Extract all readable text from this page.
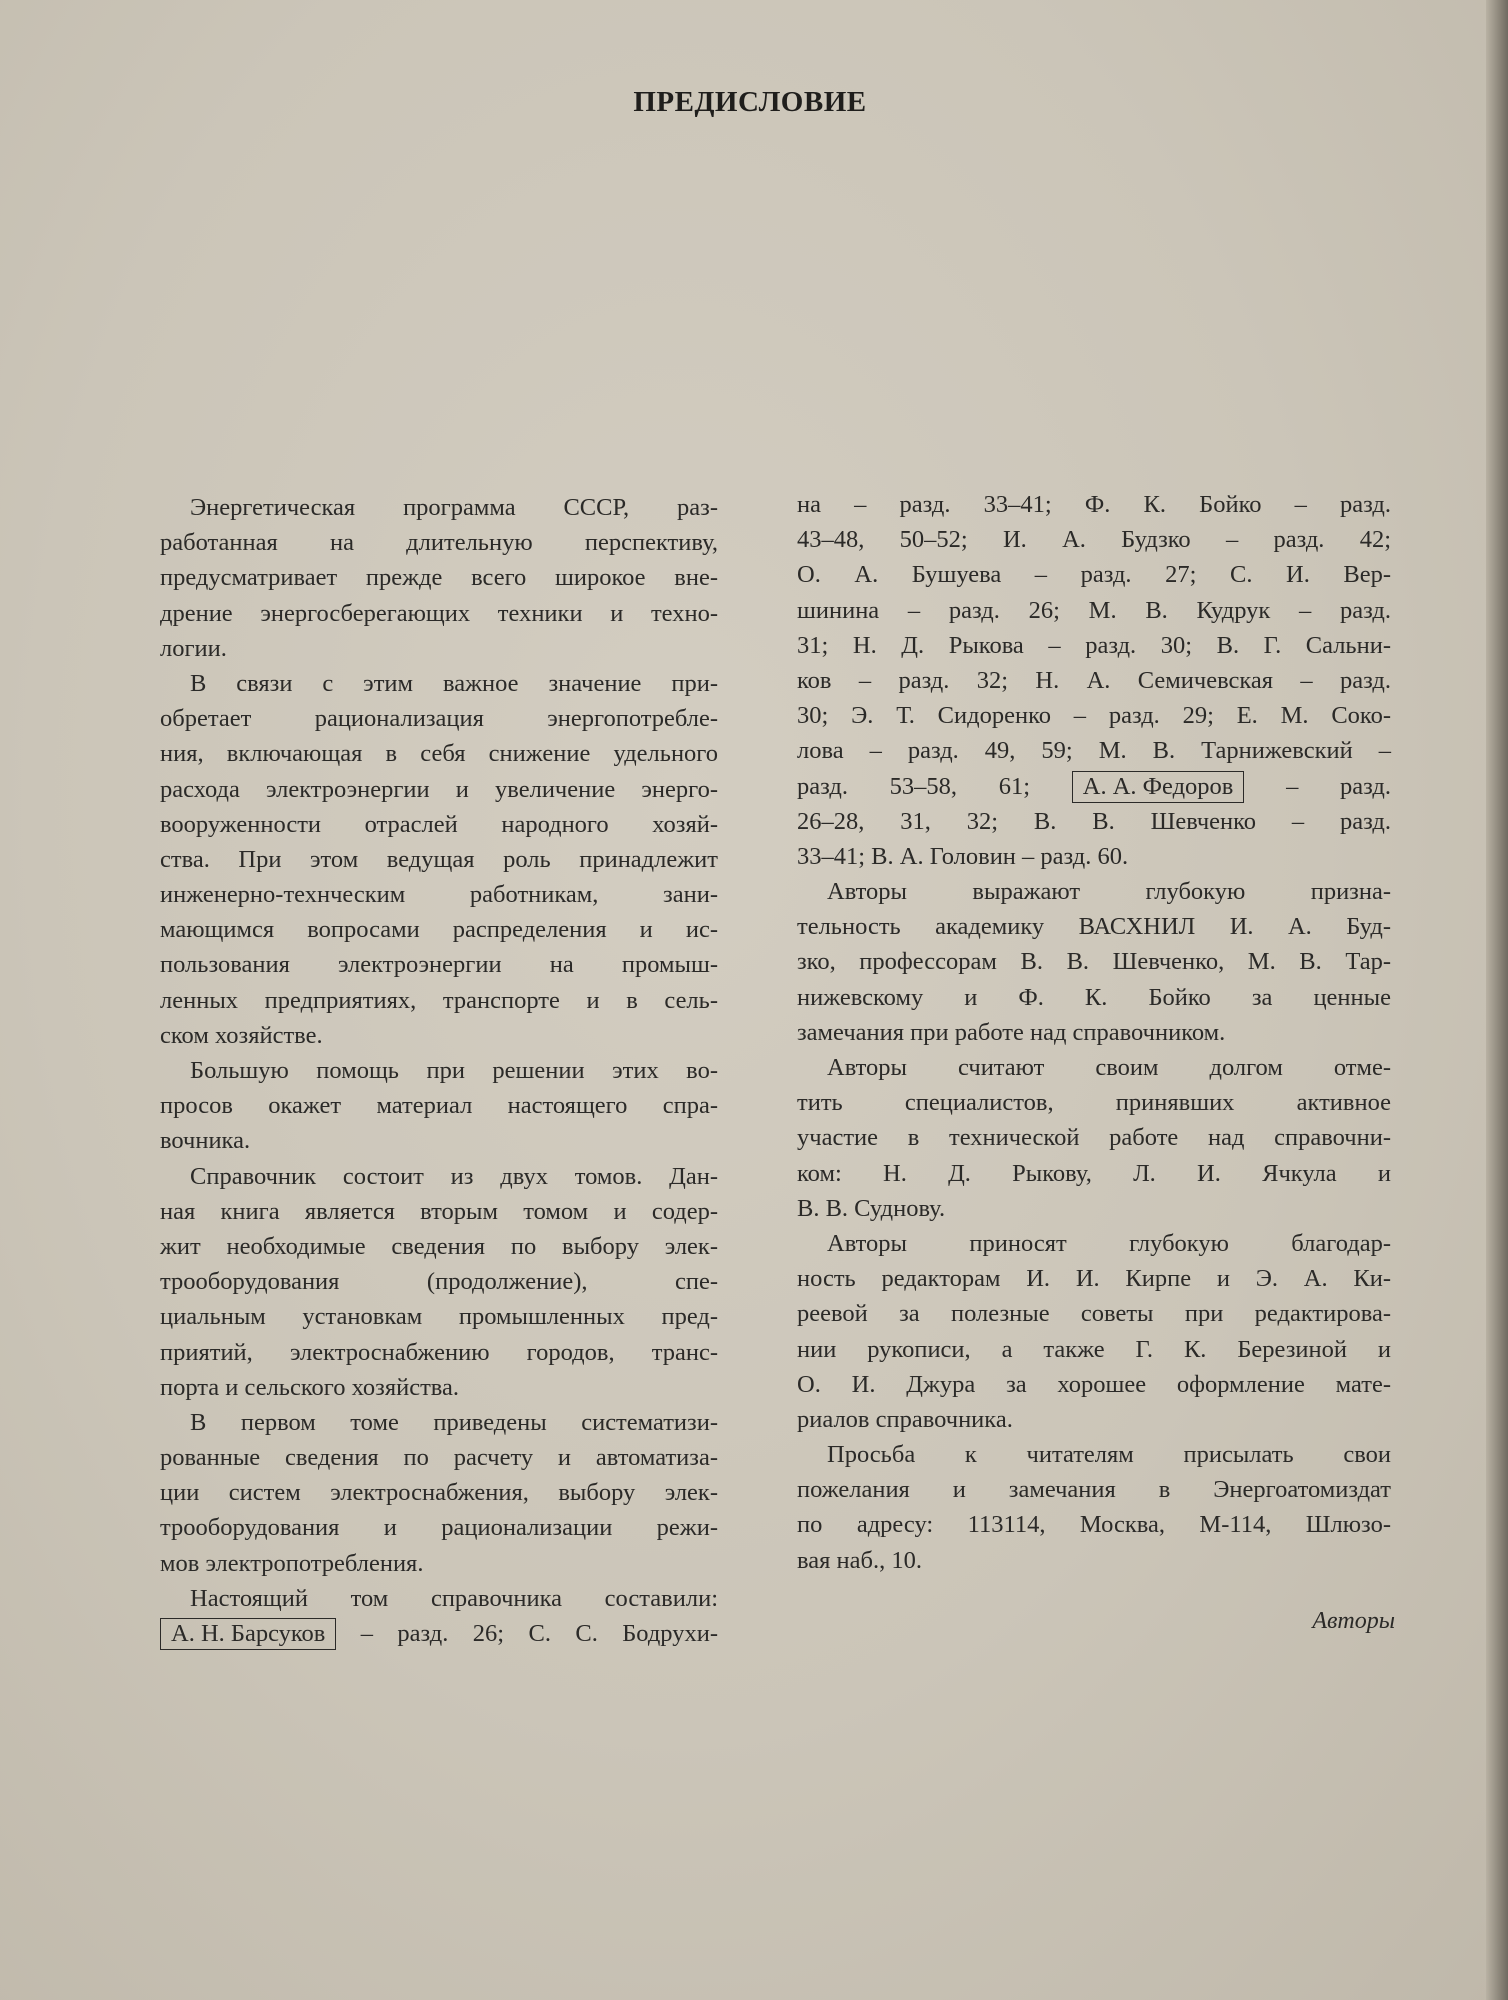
ПРЕДИСЛОВИЕ
Энергетическая программа СССР, раз-
работанная на длительную перспективу,
предусматривает прежде всего широкое вне-
дрение энергосберегающих техники и техно-
логии.
В связи с этим важное значение при-
обретает рационализация энергопотребле-
ния, включающая в себя снижение удельного
расхода электроэнергии и увеличение энерго-
вооруженности отраслей народного хозяй-
ства. При этом ведущая роль принадлежит
инженерно-технческим работникам, зани-
мающимся вопросами распределения и ис-
пользования электроэнергии на промыш-
ленных предприятиях, транспорте и в сель-
ском хозяйстве.
Большую помощь при решении этих во-
просов окажет материал настоящего спра-
вочника.
Справочник состоит из двух томов. Дан-
ная книга является вторым томом и содер-
жит необходимые сведения по выбору элек-
трооборудования (продолжение), спе-
циальным установкам промышленных пред-
приятий, электроснабжению городов, транс-
порта и сельского хозяйства.
В первом томе приведены систематизи-
рованные сведения по расчету и автоматиза-
ции систем электроснабжения, выбору элек-
трооборудования и рационализации режи-
мов электропотребления.
Настоящий том справочника составили:
А. Н. Барсуков – разд. 26; С. С. Бодрухи-
на – разд. 33–41; Ф. К. Бойко – разд.
43–48, 50–52; И. А. Будзко – разд. 42;
О. А. Бушуева – разд. 27; С. И. Вер-
шинина – разд. 26; М. В. Кудрук – разд.
31; Н. Д. Рыкова – разд. 30; В. Г. Сальни-
ков – разд. 32; Н. А. Семичевская – разд.
30; Э. Т. Сидоренко – разд. 29; Е. М. Соко-
лова – разд. 49, 59; М. В. Тарнижевский –
разд. 53–58, 61; А. А. Федоров – разд.
26–28, 31, 32; В. В. Шевченко – разд.
33–41; В. А. Головин – разд. 60.
Авторы выражают глубокую призна-
тельность академику ВАСХНИЛ И. А. Буд-
зко, профессорам В. В. Шевченко, М. В. Тар-
нижевскому и Ф. К. Бойко за ценные
замечания при работе над справочником.
Авторы считают своим долгом отме-
тить специалистов, принявших активное
участие в технической работе над справочни-
ком: Н. Д. Рыкову, Л. И. Ячкула и
В. В. Суднову.
Авторы приносят глубокую благодар-
ность редакторам И. И. Кирпе и Э. А. Ки-
реевой за полезные советы при редактирова-
нии рукописи, а также Г. К. Березиной и
О. И. Джура за хорошее оформление мате-
риалов справочника.
Просьба к читателям присылать свои
пожелания и замечания в Энергоатомиздат
по адресу: 113114, Москва, М-114, Шлюзо-
вая наб., 10.
Авторы
